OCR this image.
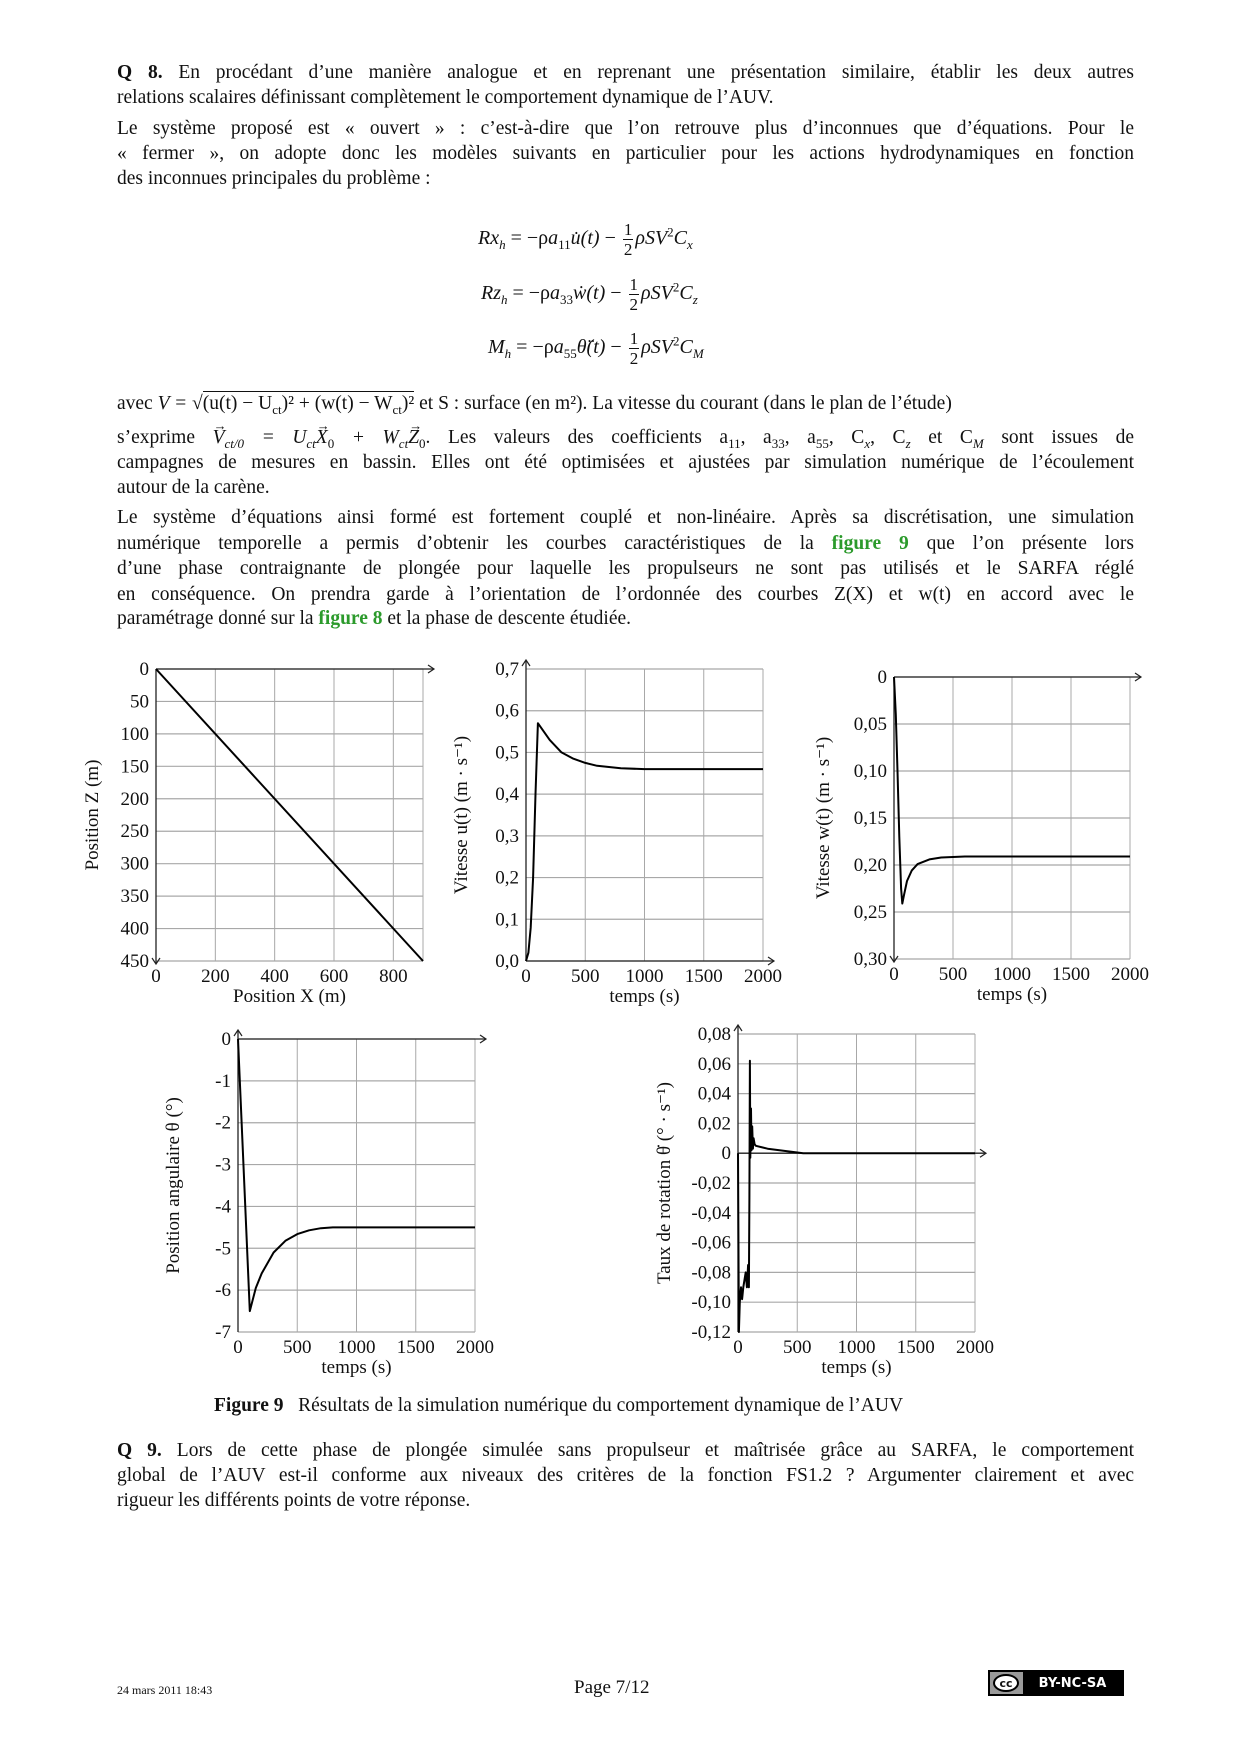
Q 8. En procédant d’une manière analogue et en reprenant une présentation similaire, établir les deux autres
relations scalaires définissant complètement le comportement dynamique de l’AUV.
Le système proposé est « ouvert » : c’est-à-dire que l’on retrouve plus d’inconnues que d’équations. Pour le
« fermer », on adopte donc les modèles suivants en particulier pour les actions hydrodynamiques en fonction
des inconnues principales du problème :
$Rx_h$ = $-\rho a_{11}u̇(t) - \frac{1}{2} \rho SV^2C_x$
$Rz_h$ = $-\rho a_{33}ẇ(t) - \frac{1}{2} \rho SV^2C_z$
$M_h$ = $-\rho a_{55}\thetä(t) - \frac{1}{2} \rho SV^2C_M$
avec $V = √(u(t) - U_{ct})^2 + (w(t) - W_{ct})^2$ et S : surface (en m²). La vitesse du courant (dans le plan de l’étude)
s’exprime → $V_{ct/0} = U_{ct}\to X_0 + W_{ct}\to Z_0$. Les valeurs des coefficients $a_{11}$, $a_{33}$, $a_{55}$, $C_x$, $C_z$ et $C_M$ sont issues de
campagnes de mesures en bassin. Elles ont été optimisées et ajustées par simulation numérique de l’écoulement
autour de la carène.
Le système d’équations ainsi formé est fortement couplé et non-linéaire. Après sa discrétisation, une simulation
numérique temporelle a permis d’obtenir les courbes caractéristiques de la figure 9 que l’on présente lors
d’une phase contraignante de plongée pour laquelle les propulseurs ne sont pas utilisés et le SARFA réglé
en conséquence. On prendra garde à l’orientation de l’ordonnée des courbes Z(X) et w(t) en accord avec le
paramétrage donné sur la figure 8 et la phase de descente étudiée.
0
50
100
150
200
250
300
350
400
450
0 200 400 600 800
Position X (m)
Position Z (m)
0,0
0,1
0,2
0,3
0,4
0,5
0,6
0,7
0 500 1000 1500 2000
temps (s)
Vitesse u(t) (m · s⁻¹)
0
0,05
0,10
0,15
0,20
0,25
0,30
0 500 1000 1500 2000
temps (s)
Vitesse w(t) (m · s⁻¹)
0
-1
-2
-3
-4
-5
-6
-7
0 500 1000 1500 2000
temps (s)
Position angulaire θ (°)
0,08
0,06
0,04
0,02
0
-0,02
-0,04
-0,06
-0,08
-0,10
-0,12
0 500 1000 1500 2000
temps (s)
Taux de rotation θ̇ (° · s⁻¹)
Figure 9 Résultats de la simulation numérique du comportement dynamique de l’AUV
Q 9. Lors de cette phase de plongée simulée sans propulseur et maîtrisée grâce au SARFA, le comportement
global de l’AUV est-il conforme aux niveaux des critères de la fonction FS1.2 ? Argumenter clairement et avec
rigueur les différents points de votre réponse.
24 mars 2011 18:43	Page 7/12	cc	BY-NC-SA
